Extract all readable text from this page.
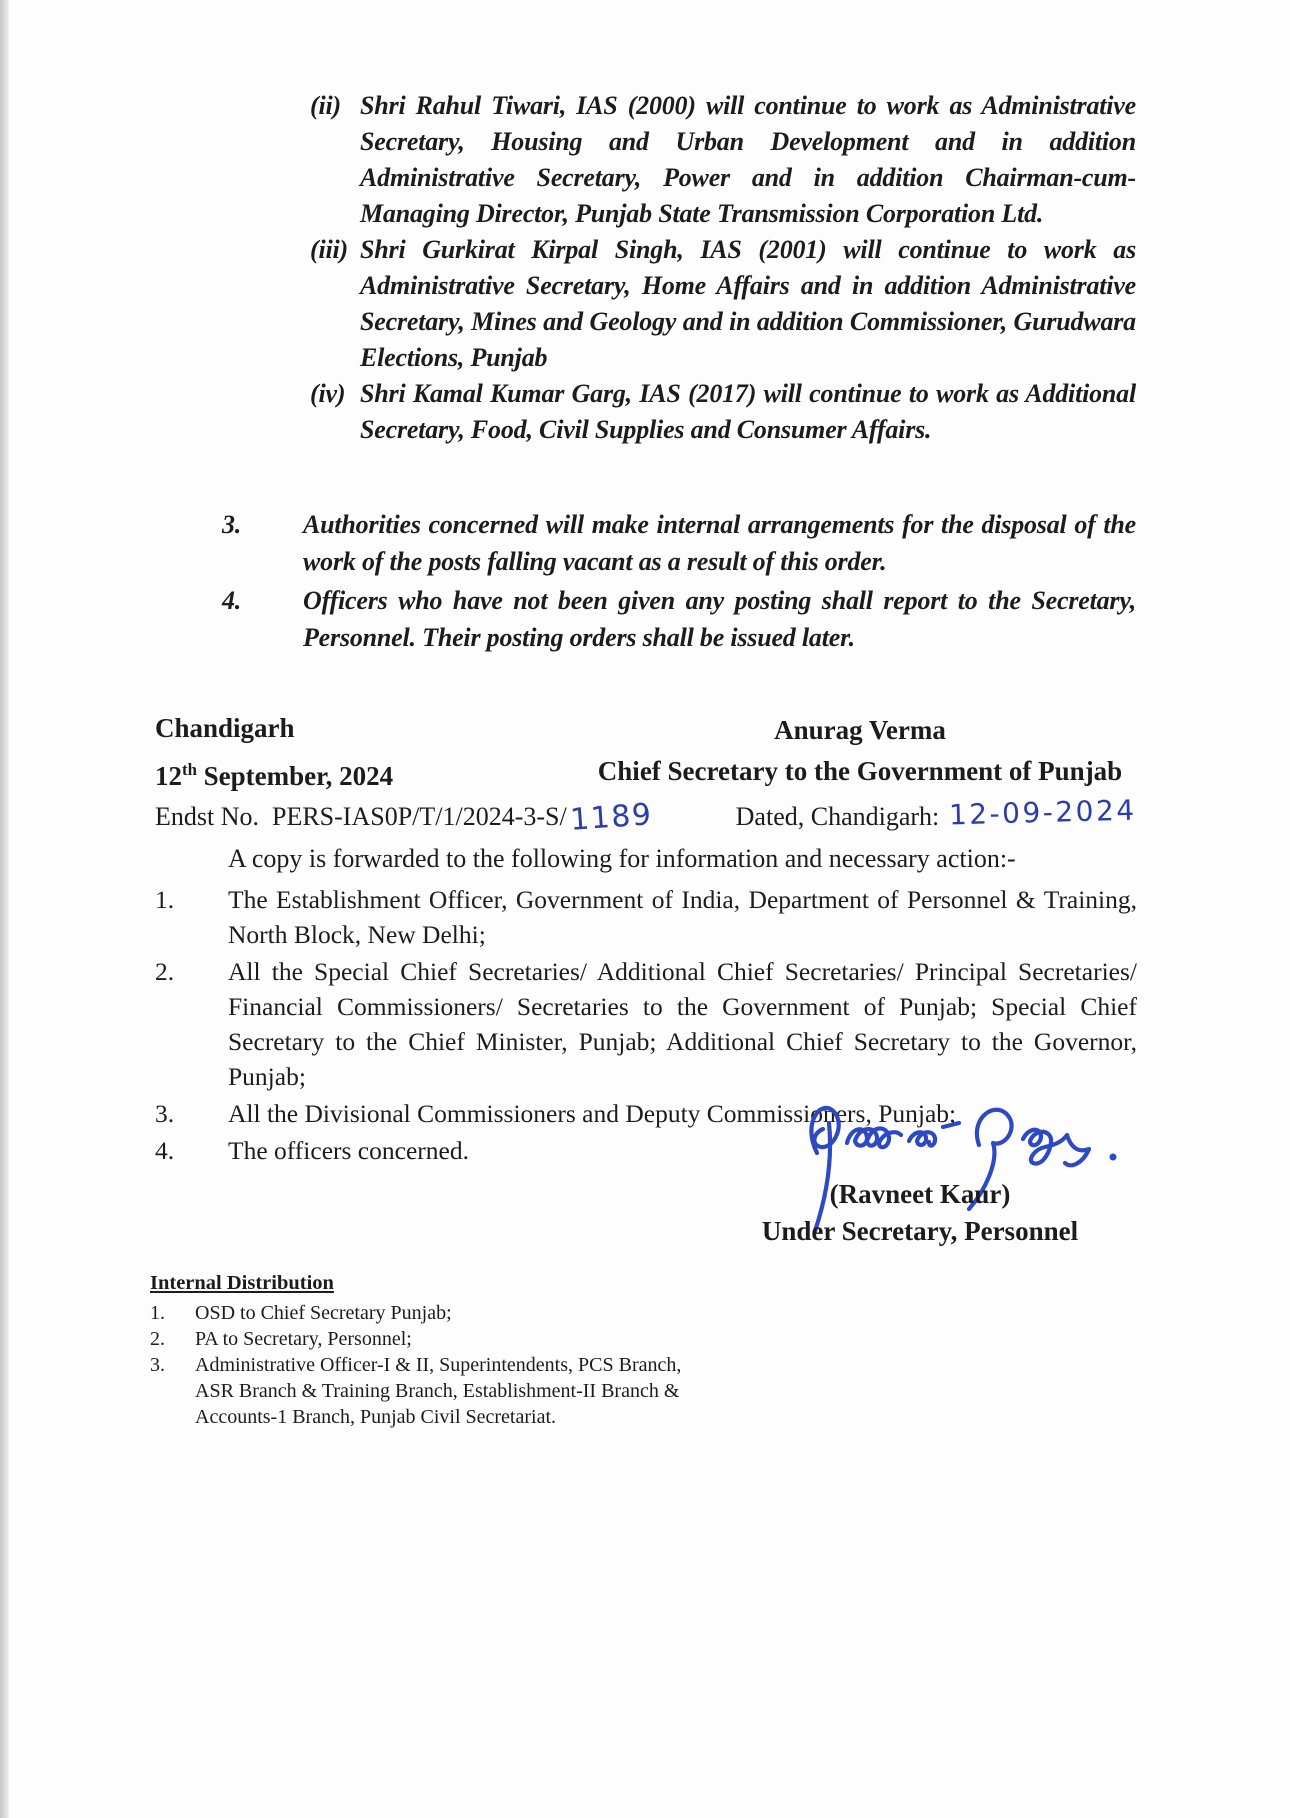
(ii) Shri Rahul Tiwari, IAS (2000) will continue to work as Administrative Secretary, Housing and Urban Development and in addition Administrative Secretary, Power and in addition Chairman-cum-Managing Director, Punjab State Transmission Corporation Ltd.
(iii) Shri Gurkirat Kirpal Singh, IAS (2001) will continue to work as Administrative Secretary, Home Affairs and in addition Administrative Secretary, Mines and Geology and in addition Commissioner, Gurudwara Elections, Punjab
(iv) Shri Kamal Kumar Garg, IAS (2017) will continue to work as Additional Secretary, Food, Civil Supplies and Consumer Affairs.
3.	Authorities concerned will make internal arrangements for the disposal of the work of the posts falling vacant as a result of this order.
4.	Officers who have not been given any posting shall report to the Secretary, Personnel. Their posting orders shall be issued later.
Chandigarh
12th September, 2024
Anurag Verma
Chief Secretary to the Government of Punjab
Endst No.  PERS-IAS0P/T/1/2024-3-S/1189	Dated, Chandigarh: 12-09-2024
A copy is forwarded to the following for information and necessary action:-
1.	The Establishment Officer, Government of India, Department of Personnel & Training, North Block, New Delhi;
2.	All the Special Chief Secretaries/ Additional Chief Secretaries/ Principal Secretaries/ Financial Commissioners/ Secretaries to the Government of Punjab; Special Chief Secretary to the Chief Minister, Punjab; Additional Chief Secretary to the Governor, Punjab;
3.	All the Divisional Commissioners and Deputy Commissioners, Punjab;
4.	The officers concerned.
(Ravneet Kaur)
Under Secretary, Personnel
Internal Distribution
1.	OSD to Chief Secretary Punjab;
2.	PA to Secretary, Personnel;
3.	Administrative Officer-I & II, Superintendents, PCS Branch, ASR Branch & Training Branch, Establishment-II Branch & Accounts-1 Branch, Punjab Civil Secretariat.
